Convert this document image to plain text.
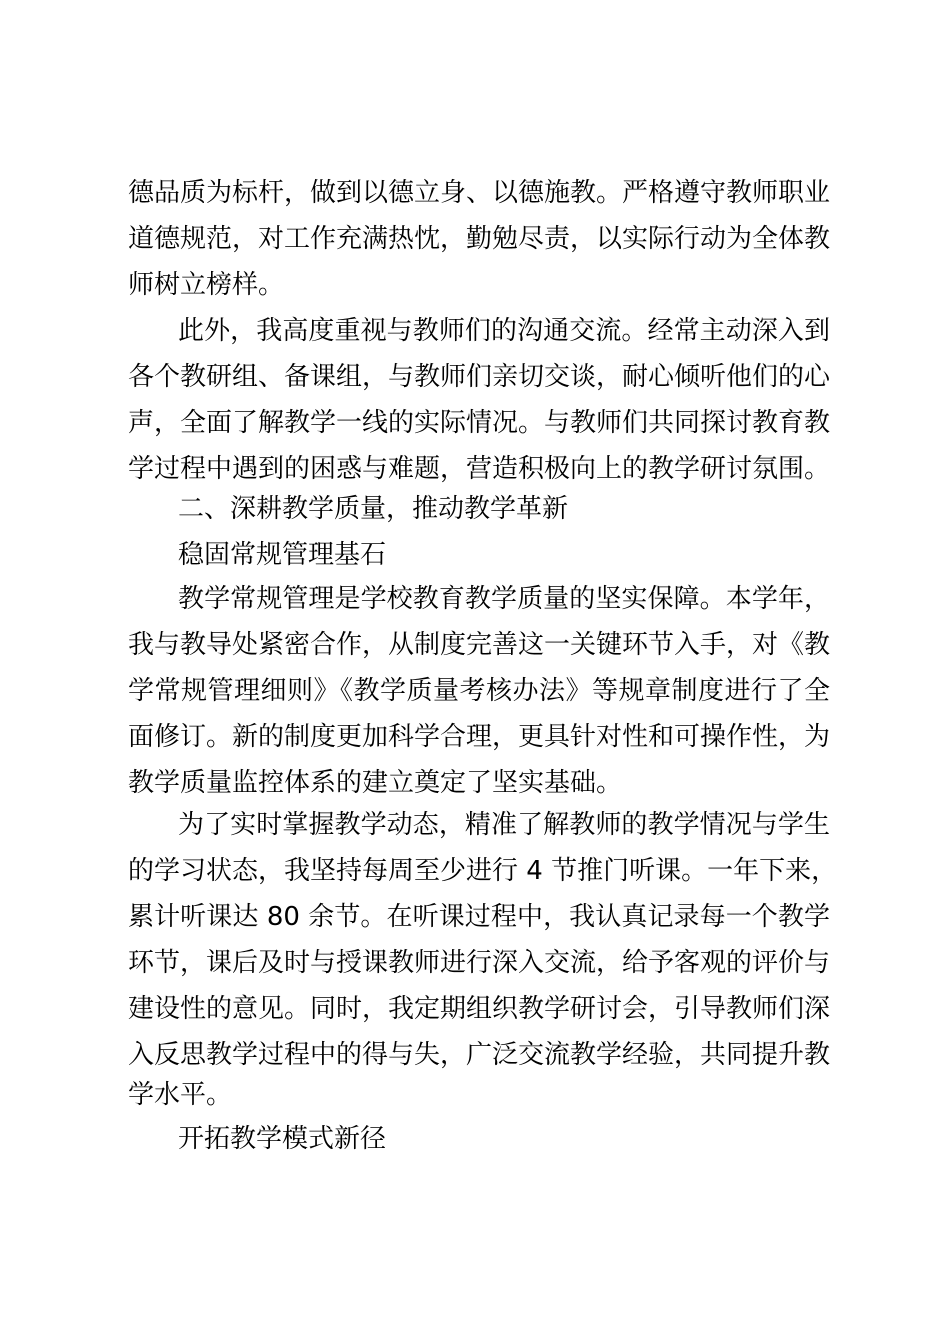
德品质为标杆，做到以德立身、以德施教。严格遵守教师职业
道德规范，对工作充满热忱，勤勉尽责，以实际行动为全体教
师树立榜样。
此外，我高度重视与教师们的沟通交流。经常主动深入到
各个教研组、备课组，与教师们亲切交谈，耐心倾听他们的心
声，全面了解教学一线的实际情况。与教师们共同探讨教育教
学过程中遇到的困惑与难题，营造积极向上的教学研讨氛围。
二、深耕教学质量，推动教学革新
稳固常规管理基石
教学常规管理是学校教育教学质量的坚实保障。本学年，
我与教导处紧密合作，从制度完善这一关键环节入手，对《教
学常规管理细则》《教学质量考核办法》等规章制度进行了全
面修订。新的制度更加科学合理，更具针对性和可操作性，为
教学质量监控体系的建立奠定了坚实基础。
为了实时掌握教学动态，精准了解教师的教学情况与学生
的学习状态，我坚持每周至少进行 4 节推门听课。一年下来，
累计听课达 80 余节。在听课过程中，我认真记录每一个教学
环节，课后及时与授课教师进行深入交流，给予客观的评价与
建设性的意见。同时，我定期组织教学研讨会，引导教师们深
入反思教学过程中的得与失，广泛交流教学经验，共同提升教
学水平。
开拓教学模式新径
